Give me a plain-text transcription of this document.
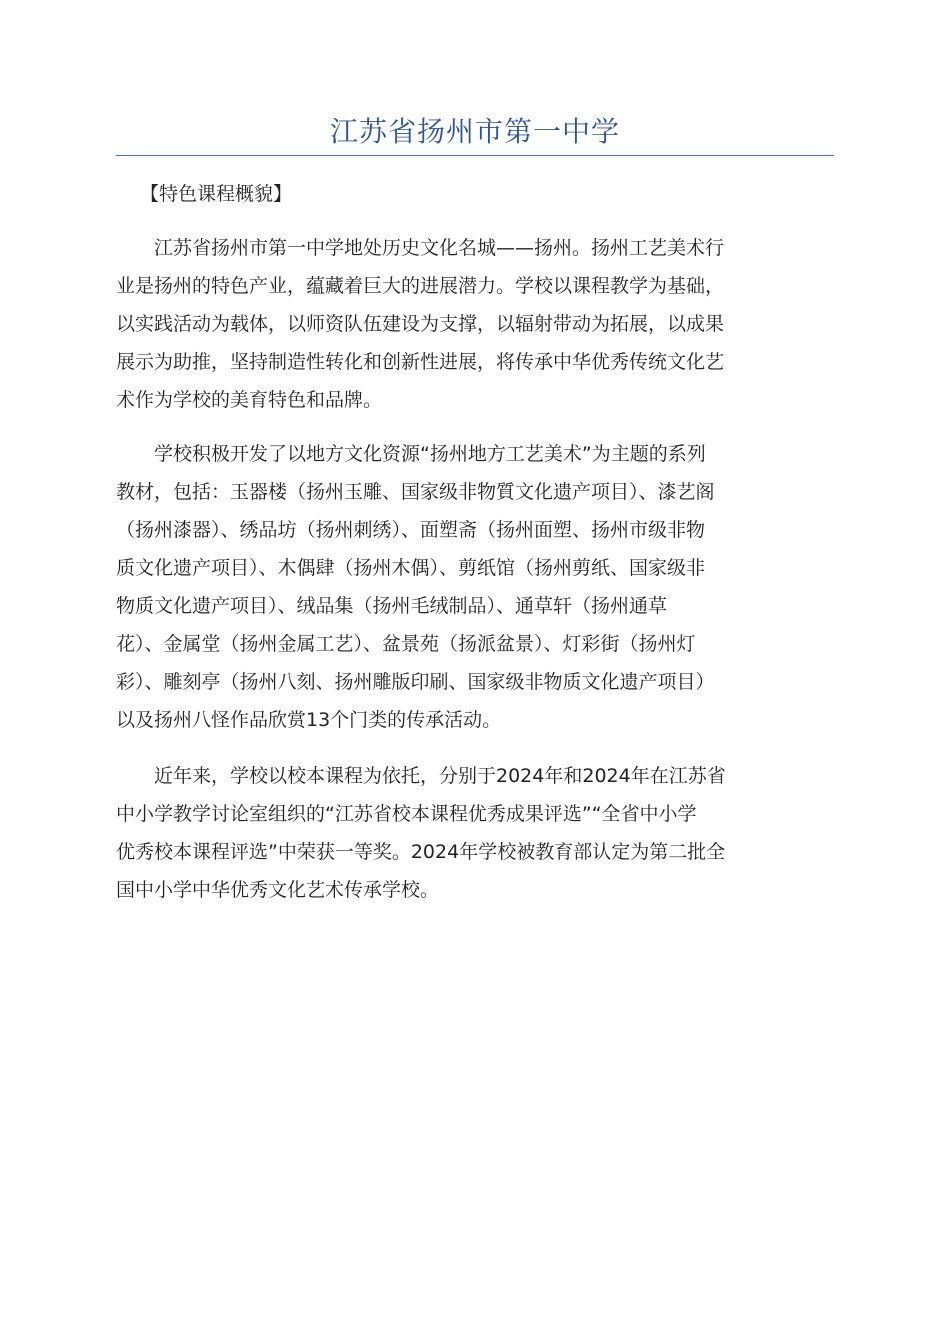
江苏省扬州市第一中学
【特色课程概貌】
　　江苏省扬州市第一中学地处历史文化名城——扬州。扬州工艺美术行
业是扬州的特色产业，蕴藏着巨大的进展潜力。学校以课程教学为基础，
以实践活动为载体，以师资队伍建设为支撑，以辐射带动为拓展，以成果
展示为助推，坚持制造性转化和创新性进展，将传承中华优秀传统文化艺
术作为学校的美育特色和品牌。
　　学校积极开发了以地方文化资源“扬州地方工艺美术”为主题的系列
教材，包括：玉器楼（扬州玉雕、国家级非物質文化遗产项目）、漆艺阁
（扬州漆器）、绣品坊（扬州刺绣）、面塑斋（扬州面塑、扬州市级非物
质文化遗产项目）、木偶肆（扬州木偶）、剪纸馆（扬州剪纸、国家级非
物质文化遗产项目）、绒品集（扬州毛绒制品）、通草轩（扬州通草
花）、金属堂（扬州金属工艺）、盆景苑（扬派盆景）、灯彩街（扬州灯
彩）、雕刻亭（扬州八刻、扬州雕版印刷、国家级非物质文化遗产项目）
以及扬州八怪作品欣赏13个门类的传承活动。
　　近年来，学校以校本课程为依托，分别于2024年和2024年在江苏省
中小学教学讨论室组织的“江苏省校本课程优秀成果评选”“全省中小学
优秀校本课程评选”中荣获一等奖。2024年学校被教育部认定为第二批全
国中小学中华优秀文化艺术传承学校。
